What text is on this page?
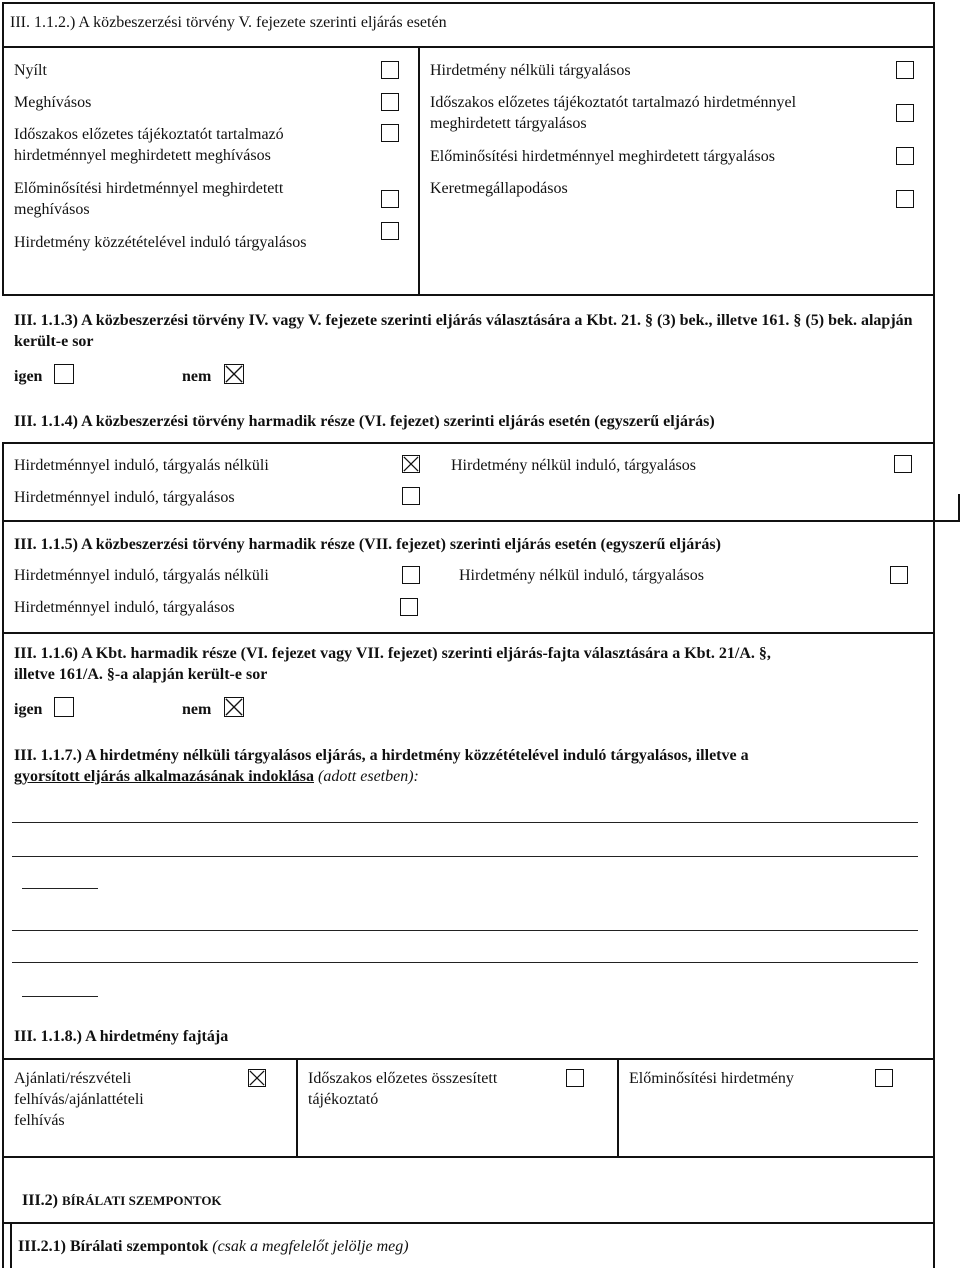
III. 1.1.2.) A közbeszerzési törvény V. fejezete szerinti eljárás esetén
Nyílt
Meghívásos
Időszakos előzetes tájékoztatót tartalmazó hirdetménnyel meghirdetett meghívásos
Előminősítési hirdetménnyel meghirdetett meghívásos
Hirdetmény közzétételével induló tárgyalásos
Hirdetmény nélküli tárgyalásos
Időszakos előzetes tájékoztatót tartalmazó hirdetménnyel meghirdetett tárgyalásos
Előminősítési hirdetménnyel meghirdetett tárgyalásos
Keretmegállapodásos
III. 1.1.3) A közbeszerzési törvény IV. vagy V. fejezete szerinti eljárás választására a Kbt. 21. § (3) bek., illetve 161. § (5) bek. alapján került-e sor
igen	nem
III. 1.1.4) A közbeszerzési törvény harmadik része (VI. fejezet) szerinti eljárás esetén (egyszerű eljárás)
Hirdetménnyel induló, tárgyalás nélküli	Hirdetmény nélkül induló, tárgyalásos
Hirdetménnyel induló, tárgyalásos
III. 1.1.5) A közbeszerzési törvény harmadik része (VII. fejezet) szerinti eljárás esetén (egyszerű eljárás)
Hirdetménnyel induló, tárgyalás nélküli	Hirdetmény nélkül induló, tárgyalásos
Hirdetménnyel induló, tárgyalásos
III. 1.1.6) A Kbt. harmadik része (VI. fejezet vagy VII. fejezet) szerinti eljárás-fajta választására a Kbt. 21/A. §,
illetve 161/A. §-a alapján került-e sor
igen	nem
III. 1.1.7.) A hirdetmény nélküli tárgyalásos eljárás, a hirdetmény közzétételével induló tárgyalásos, illetve a
gyorsított eljárás alkalmazásának indoklása (adott esetben):
III. 1.1.8.) A hirdetmény fajtája
Ajánlati/részvételi felhívás/ajánlattételi felhívás
Időszakos előzetes összesített tájékoztató
Előminősítési hirdetmény
III.2) BÍRÁLATI SZEMPONTOK
III.2.1) Bírálati szempontok (csak a megfelelőt jelölje meg)
